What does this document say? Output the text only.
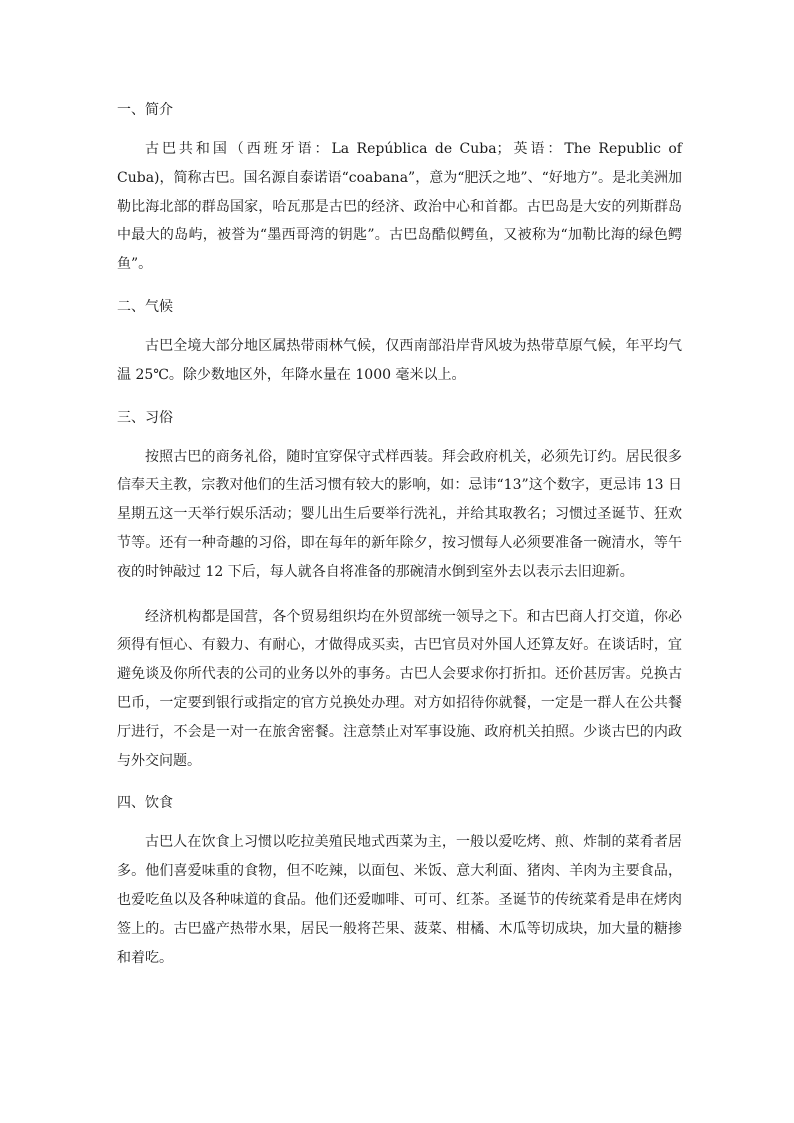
一、简介

古巴共和国（西班牙语：La República de Cuba；英语：The Republic of Cuba)，简称古巴。国名源自泰诺语“coabana”，意为“肥沃之地”、“好地方”。是北美洲加勒比海北部的群岛国家，哈瓦那是古巴的经济、政治中心和首都。古巴岛是大安的列斯群岛中最大的岛屿，被誉为“墨西哥湾的钥匙”。古巴岛酷似鳄鱼，又被称为“加勒比海的绿色鳄鱼”。

二、气候

古巴全境大部分地区属热带雨林气候，仅西南部沿岸背风坡为热带草原气候，年平均气温 25℃。除少数地区外，年降水量在 1000 毫米以上。

三、习俗

按照古巴的商务礼俗，随时宜穿保守式样西装。拜会政府机关，必须先订约。居民很多信奉天主教，宗教对他们的生活习惯有较大的影响，如：忌讳“13”这个数字，更忌讳 13 日星期五这一天举行娱乐活动；婴儿出生后要举行洗礼，并给其取教名；习惯过圣诞节、狂欢节等。还有一种奇趣的习俗，即在每年的新年除夕，按习惯每人必须要准备一碗清水，等午夜的时钟敲过 12 下后，每人就各自将准备的那碗清水倒到室外去以表示去旧迎新。

经济机构都是国营，各个贸易组织均在外贸部统一领导之下。和古巴商人打交道，你必须得有恒心、有毅力、有耐心，才做得成买卖，古巴官员对外国人还算友好。在谈话时，宜避免谈及你所代表的公司的业务以外的事务。古巴人会要求你打折扣。还价甚厉害。兑换古巴币，一定要到银行或指定的官方兑换处办理。对方如招待你就餐，一定是一群人在公共餐厅进行，不会是一对一在旅舍密餐。注意禁止对军事设施、政府机关拍照。少谈古巴的内政与外交问题。

四、饮食

古巴人在饮食上习惯以吃拉美殖民地式西菜为主，一般以爱吃烤、煎、炸制的菜肴者居多。他们喜爱味重的食物，但不吃辣，以面包、米饭、意大利面、猪肉、羊肉为主要食品，也爱吃鱼以及各种味道的食品。他们还爱咖啡、可可、红茶。圣诞节的传统菜肴是串在烤肉签上的。古巴盛产热带水果，居民一般将芒果、菠菜、柑橘、木瓜等切成块，加大量的糖掺和着吃。
